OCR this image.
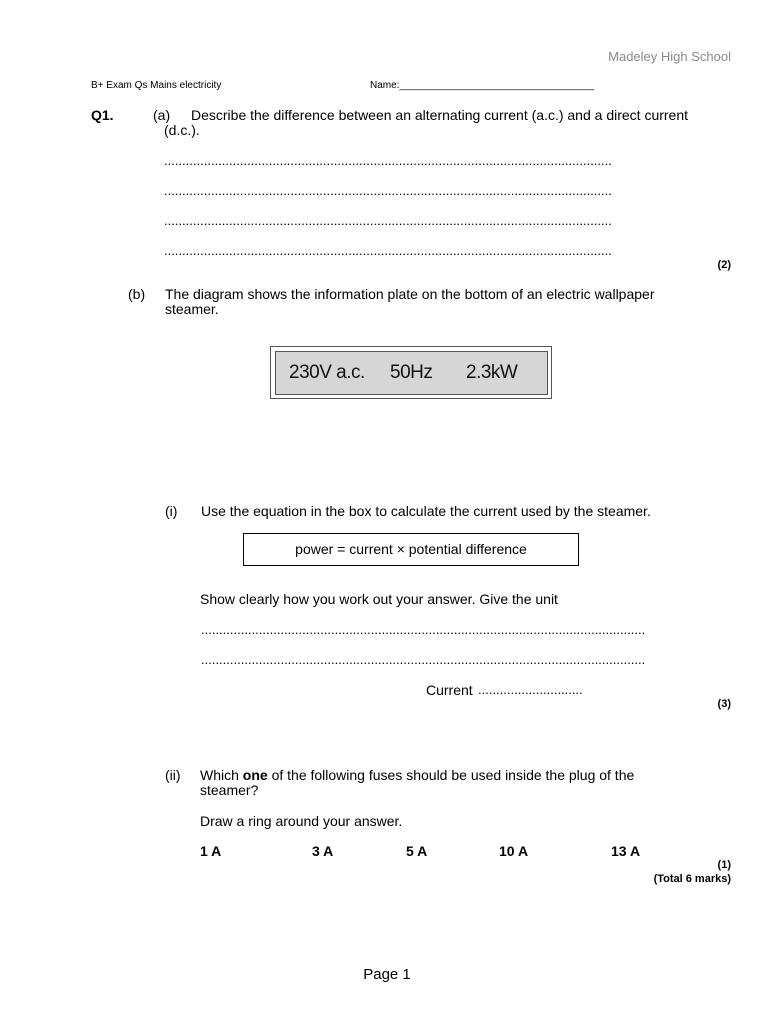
Madeley High School
B+ Exam Qs Mains electricity	Name:___________________________________
Q1.	(a) Describe the difference between an alternating current (a.c.) and a direct current
(d.c.).
............................................................................................................................
............................................................................................................................
............................................................................................................................
............................................................................................................................
(2)
(b) The diagram shows the information plate on the bottom of an electric wallpaper
steamer.
230V a.c. 50Hz 2.3kW
(i) Use the equation in the box to calculate the current used by the steamer.
power = current × potential difference
Show clearly how you work out your answer. Give the unit
...........................................................................................................................
...........................................................................................................................
Current .............................
(3)
(ii) Which one of the following fuses should be used inside the plug of the
steamer?
Draw a ring around your answer.
1 A	3 A	5 A	10 A	13 A
(1)
(Total 6 marks)
Page 1
